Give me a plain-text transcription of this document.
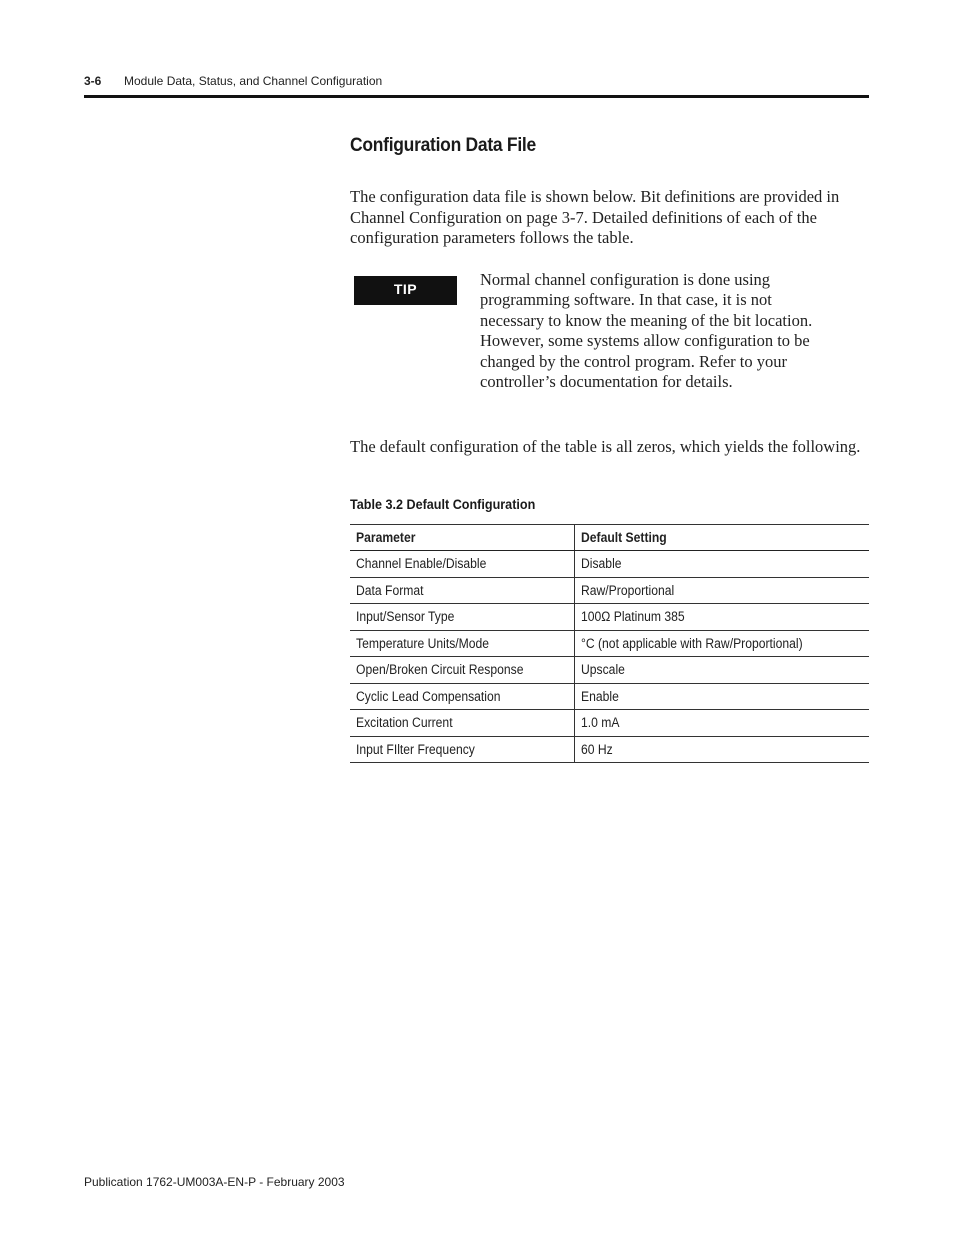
3-6 Module Data, Status, and Channel Configuration
Configuration Data File
The configuration data file is shown below. Bit definitions are provided in Channel Configuration on page 3-7. Detailed definitions of each of the configuration parameters follows the table.
TIP	Normal channel configuration is done using programming software. In that case, it is not necessary to know the meaning of the bit location. However, some systems allow configuration to be changed by the control program. Refer to your controller’s documentation for details.
The default configuration of the table is all zeros, which yields the following.
Table 3.2 Default Configuration
Parameter	Default Setting
Channel Enable/Disable	Disable
Data Format	Raw/Proportional
Input/Sensor Type	100Ω Platinum 385
Temperature Units/Mode	°C (not applicable with Raw/Proportional)
Open/Broken Circuit Response	Upscale
Cyclic Lead Compensation	Enable
Excitation Current	1.0 mA
Input FIlter Frequency	60 Hz
Publication 1762-UM003A-EN-P - February 2003
